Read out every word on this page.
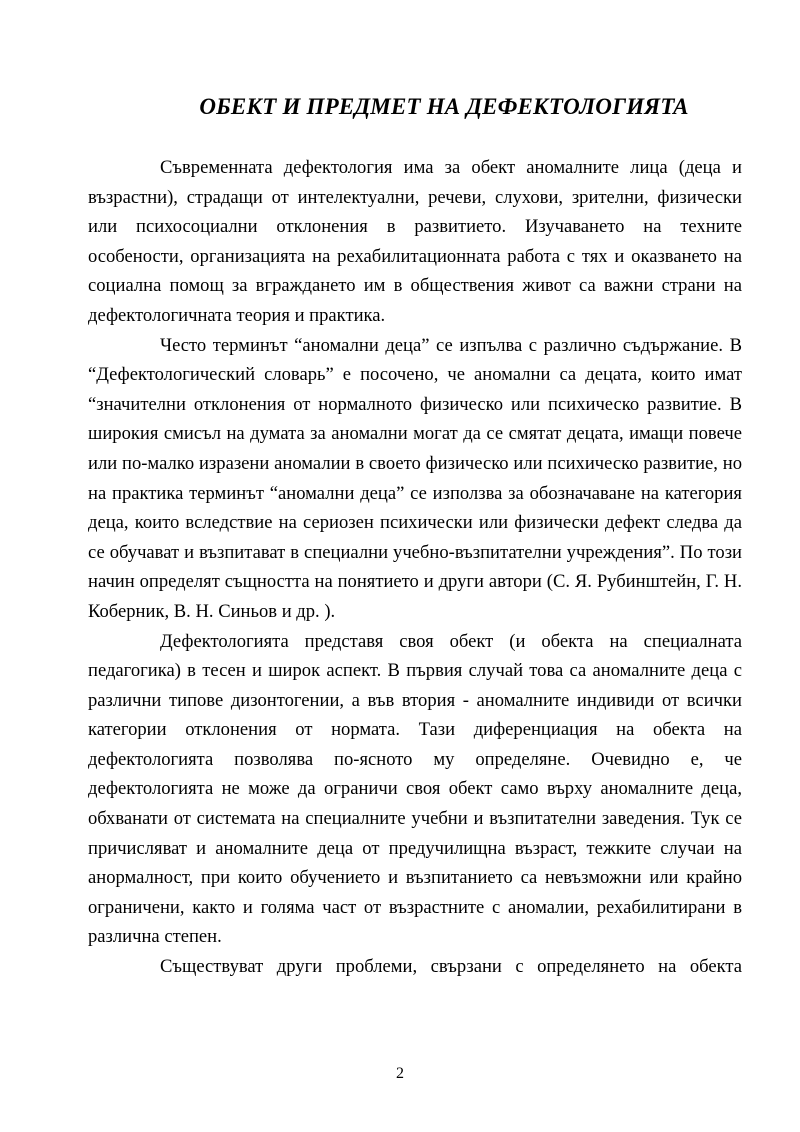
ОБЕКТ И ПРЕДМЕТ НА ДЕФЕКТОЛОГИЯТА

Съвременната дефектология има за обект аномалните лица (деца и възрастни), страдащи от интелектуални, речеви, слухови, зрителни, физически или психосоциални отклонения в развитието. Изучаването на техните особености, организацията на рехабилитационната работа с тях и оказването на социална помощ за вграждането им в обществения живот са важни страни на дефектологичната теория и практика.

Често терминът “аномални деца” се изпълва с различно съдържание. В “Дефектологический словарь” е посочено, че аномални са децата, които имат “значителни отклонения от нормалното физическо или психическо развитие. В широкия смисъл на думата за аномални могат да се смятат децата, имащи повече или по-малко изразени аномалии в своето физическо или психическо развитие, но на практика терминът “аномални деца” се използва за обозначаване на категория деца, които вследствие на сериозен психически или физически дефект следва да се обучават и възпитават в специални учебно-възпитателни учреждения”. По този начин определят същността на понятието и други автори (С. Я. Рубинштейн, Г. Н. Коберник, В. Н. Синьов и др. ).

Дефектологията представя своя обект (и обекта на специалната педагогика) в тесен и широк аспект. В първия случай това са аномалните деца с различни типове дизонтогении, а във втория - аномалните индивиди от всички категории отклонения от нормата. Тази диференциация на обекта на дефектологията позволява по-ясното му определяне. Очевидно е, че дефектологията не може да ограничи своя обект само върху аномалните деца, обхванати от системата на специалните учебни и възпитателни заведения. Тук се причисляват и аномалните деца от предучилищна възраст, тежките случаи на анормалност, при които обучението и възпитанието са невъзможни или крайно ограничени, както и голяма част от възрастните с аномалии, рехабилитирани в различна степен.

Съществуват други проблеми, свързани с определянето на обекта

2
